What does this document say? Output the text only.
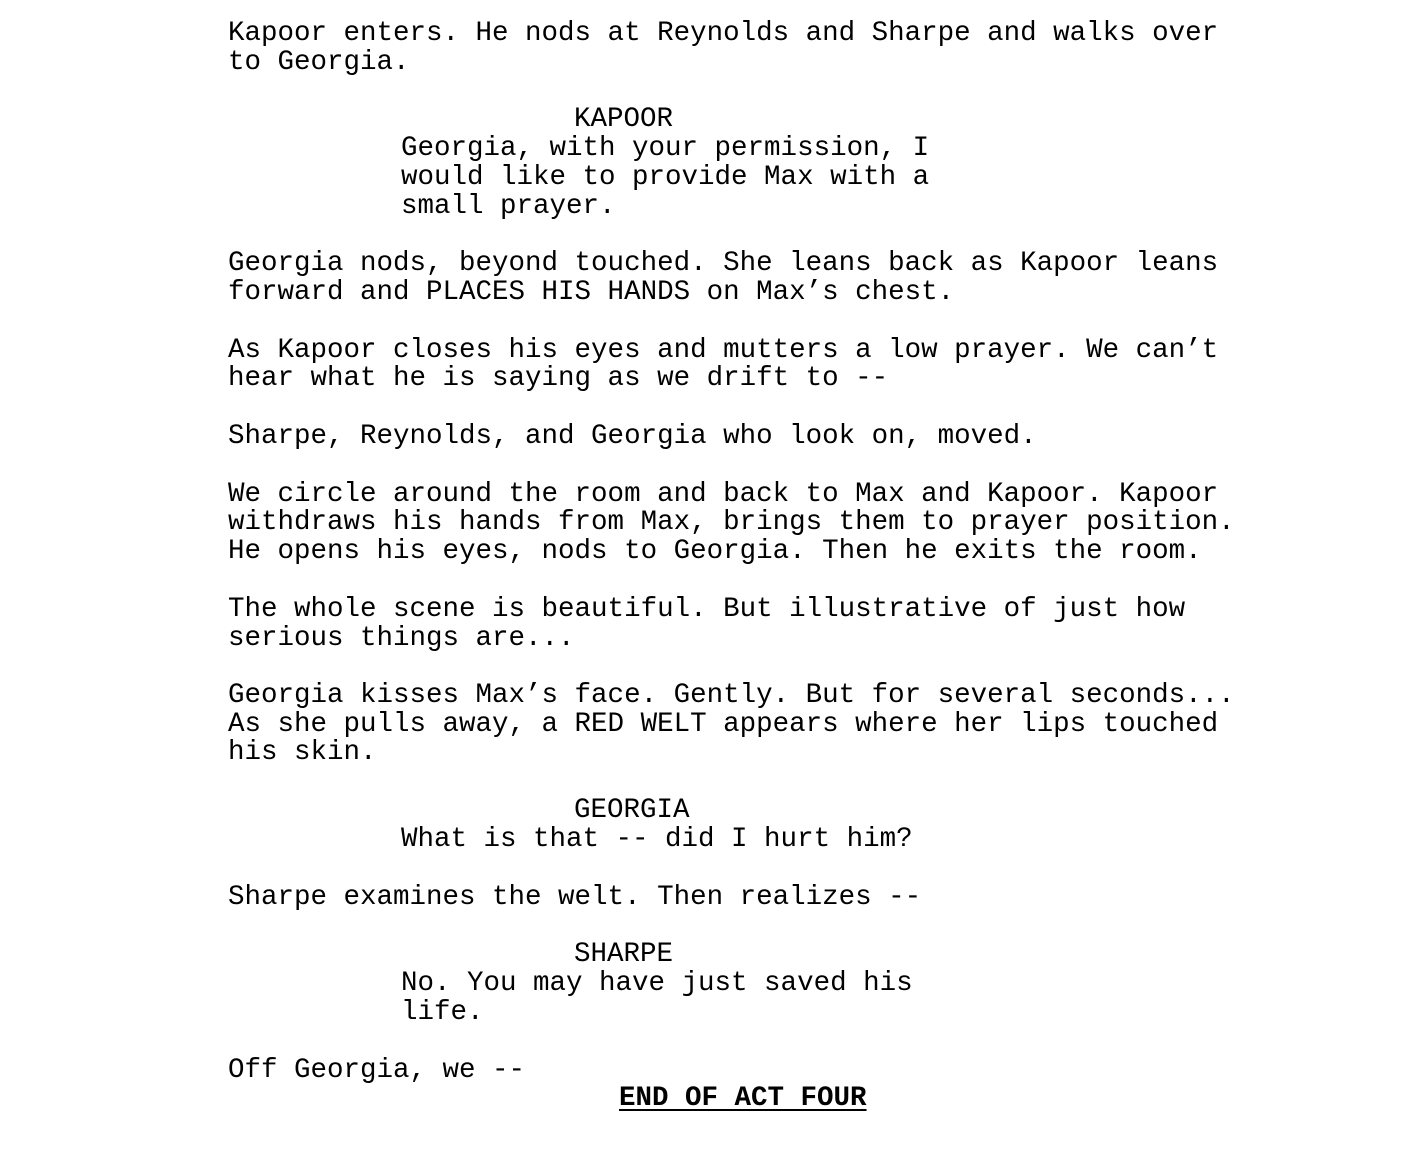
Kapoor enters. He nods at Reynolds and Sharpe and walks over
to Georgia.
KAPOOR
Georgia, with your permission, I
would like to provide Max with a
small prayer.
Georgia nods, beyond touched. She leans back as Kapoor leans
forward and PLACES HIS HANDS on Max’s chest.
As Kapoor closes his eyes and mutters a low prayer. We can’t
hear what he is saying as we drift to --
Sharpe, Reynolds, and Georgia who look on, moved.
We circle around the room and back to Max and Kapoor. Kapoor
withdraws his hands from Max, brings them to prayer position.
He opens his eyes, nods to Georgia. Then he exits the room.
The whole scene is beautiful. But illustrative of just how
serious things are...
Georgia kisses Max’s face. Gently. But for several seconds...
As she pulls away, a RED WELT appears where her lips touched
his skin.
GEORGIA
What is that -- did I hurt him?
Sharpe examines the welt. Then realizes --
SHARPE
No. You may have just saved his
life.
Off Georgia, we --
END OF ACT FOUR
